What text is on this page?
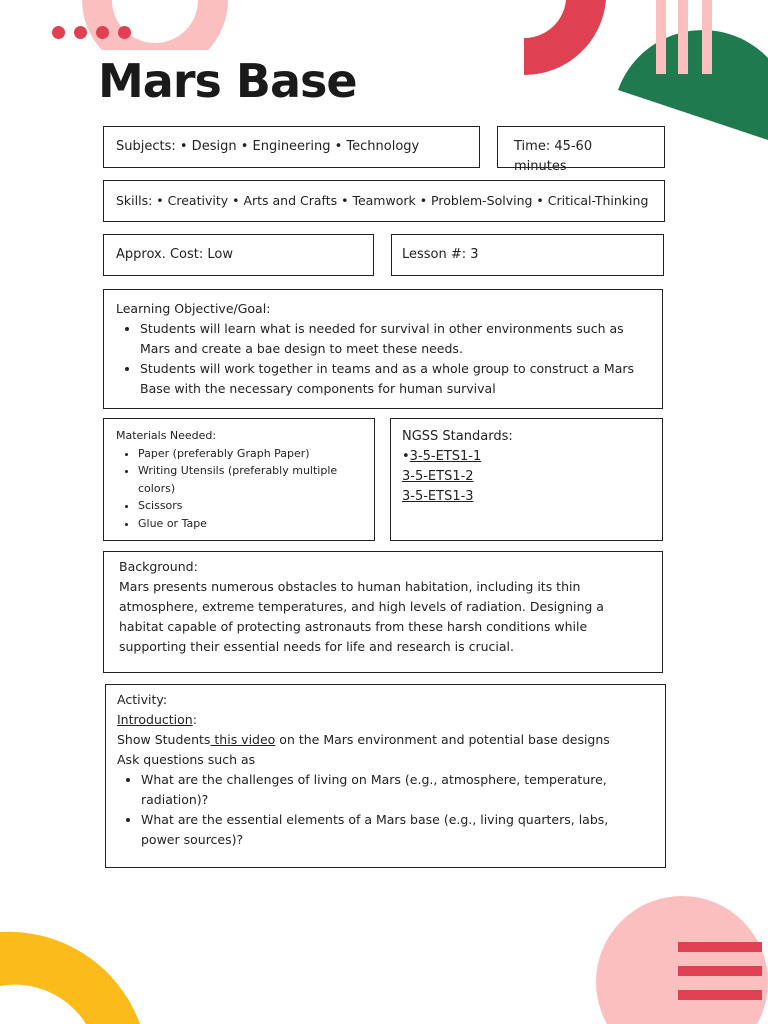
Mars Base
Subjects: • Design • Engineering • Technology	Time: 45-60 minutes
Skills: • Creativity • Arts and Crafts • Teamwork • Problem-Solving • Critical-Thinking
Approx. Cost: Low	Lesson #: 3
Learning Objective/Goal:
• Students will learn what is needed for survival in other environments such as Mars and create a bae design to meet these needs.
• Students will work together in teams and as a whole group to construct a Mars Base with the necessary components for human survival
Materials Needed:
• Paper (preferably Graph Paper)
• Writing Utensils (preferably multiple colors)
• Scissors
• Glue or Tape
NGSS Standards:
•3-5-ETS1-1
3-5-ETS1-2
3-5-ETS1-3
Background:
Mars presents numerous obstacles to human habitation, including its thin atmosphere, extreme temperatures, and high levels of radiation. Designing a habitat capable of protecting astronauts from these harsh conditions while supporting their essential needs for life and research is crucial.
Activity:
Introduction:
Show Students this video on the Mars environment and potential base designs
Ask questions such as
• What are the challenges of living on Mars (e.g., atmosphere, temperature, radiation)?
• What are the essential elements of a Mars base (e.g., living quarters, labs, power sources)?
